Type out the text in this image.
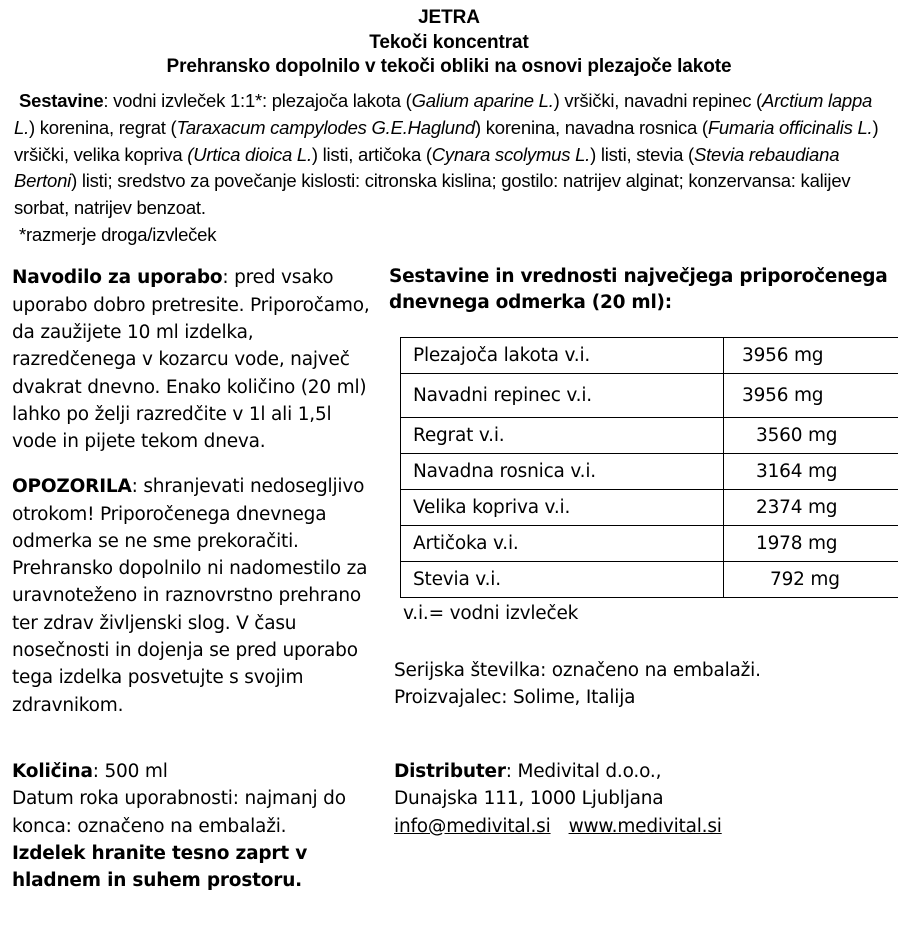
JETRA
Tekoči koncentrat
Prehransko dopolnilo v tekoči obliki na osnovi plezajoče lakote
Sestavine: vodni izvleček 1:1*: plezajoča lakota (Galium aparine L.) vršički, navadni repinec (Arctium lappa L.) korenina, regrat (Taraxacum campylodes G.E.Haglund) korenina, navadna rosnica (Fumaria officinalis L.) vršički, velika kopriva (Urtica dioica L.) listi, artičoka (Cynara scolymus L.) listi, stevia (Stevia rebaudiana Bertoni) listi; sredstvo za povečanje kislosti: citronska kislina; gostilo: natrijev alginat; konzervansa: kalijev sorbat, natrijev benzoat.
*razmerje droga/izvleček
Navodilo za uporabo: pred vsako uporabo dobro pretresite. Priporočamo, da zaužijete 10 ml izdelka, razredčenega v kozarcu vode, največ dvakrat dnevno. Enako količino (20 ml) lahko po želji razredčite v 1l ali 1,5l vode in pijete tekom dneva.
OPOZORILA: shranjevati nedosegljivo otrokom! Priporočenega dnevnega odmerka se ne sme prekoračiti. Prehransko dopolnilo ni nadomestilo za uravnoteženo in raznovrstno prehrano ter zdrav življenski slog. V času nosečnosti in dojenja se pred uporabo tega izdelka posvetujte s svojim zdravnikom.
Sestavine in vrednosti največjega priporočenega dnevnega odmerka (20 ml):
Plezajoča lakota v.i.	3956 mg
Navadni repinec v.i.	3956 mg
Regrat v.i.	3560 mg
Navadna rosnica v.i.	3164 mg
Velika kopriva v.i.	2374 mg
Artičoka v.i.	1978 mg
Stevia v.i.	792 mg
v.i.= vodni izvleček
Serijska številka: označeno na embalaži.
Proizvajalec: Solime, Italija
Količina: 500 ml
Datum roka uporabnosti: najmanj do konca: označeno na embalaži.
Izdelek hranite tesno zaprt v hladnem in suhem prostoru.
Distributer: Medivital d.o.o.,
Dunajska 111, 1000 Ljubljana
info@medivital.si www.medivital.si
